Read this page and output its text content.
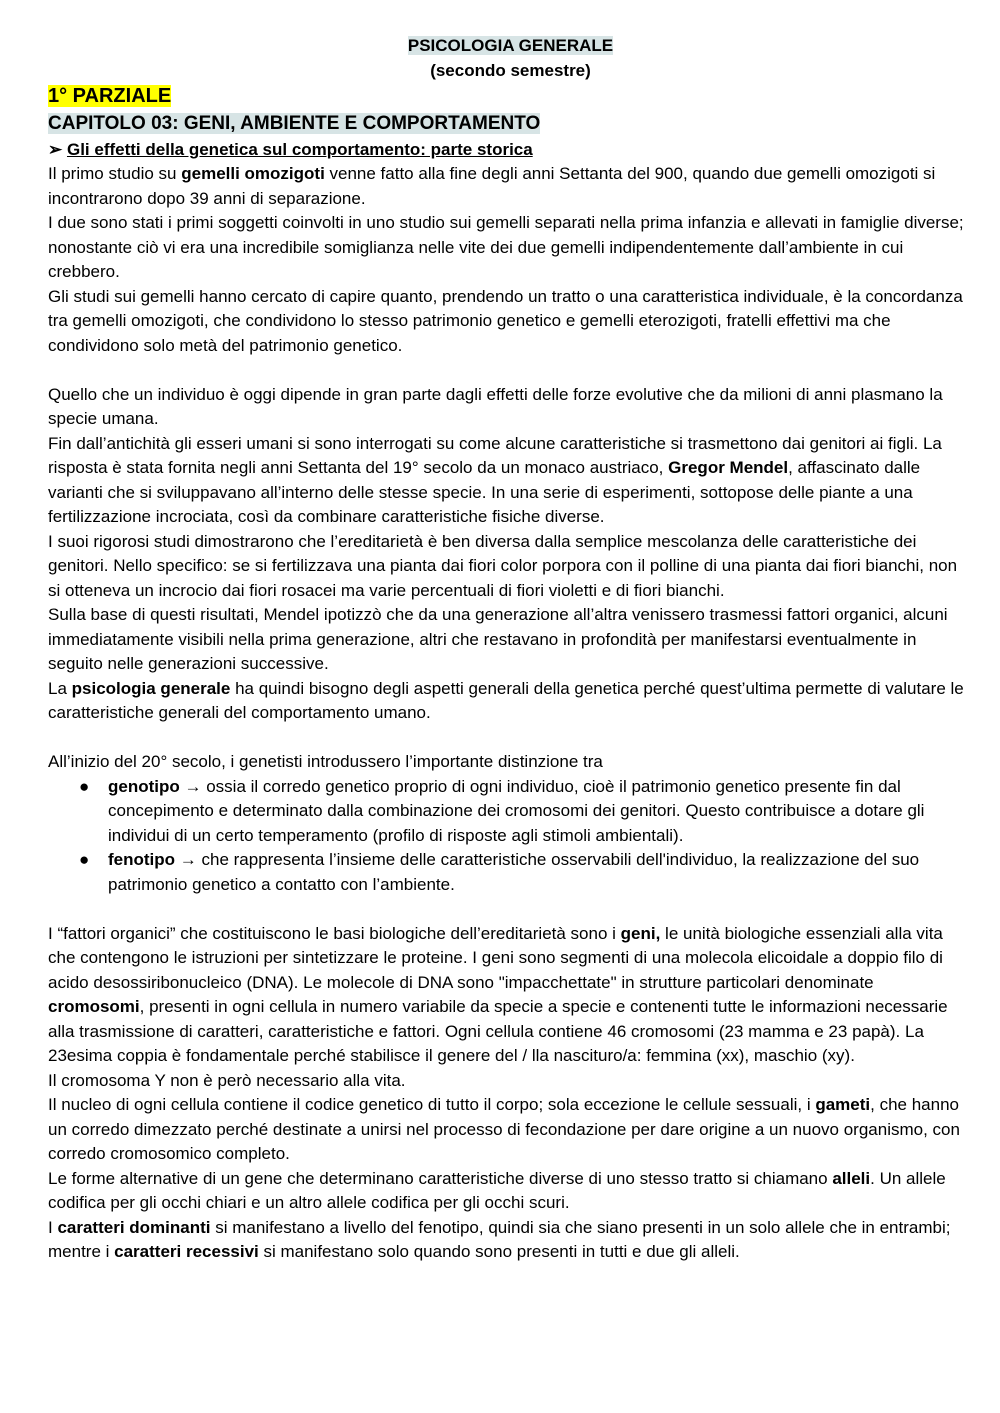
PSICOLOGIA GENERALE
(secondo semestre)
1° PARZIALE
CAPITOLO 03: GENI, AMBIENTE E COMPORTAMENTO
➢ Gli effetti della genetica sul comportamento: parte storica

Il primo studio su gemelli omozigoti venne fatto alla fine degli anni Settanta del 900, quando due gemelli omozigoti si incontrarono dopo 39 anni di separazione.

I due sono stati i primi soggetti coinvolti in uno studio sui gemelli separati nella prima infanzia e allevati in famiglie diverse; nonostante ciò vi era una incredibile somiglianza nelle vite dei due gemelli indipendentemente dall’ambiente in cui crebbero.

Gli studi sui gemelli hanno cercato di capire quanto, prendendo un tratto o una caratteristica individuale, è la concordanza tra gemelli omozigoti, che condividono lo stesso patrimonio genetico e gemelli eterozigoti, fratelli effettivi ma che condividono solo metà del patrimonio genetico.

Quello che un individuo è oggi dipende in gran parte dagli effetti delle forze evolutive che da milioni di anni plasmano la specie umana.

Fin dall’antichità gli esseri umani si sono interrogati su come alcune caratteristiche si trasmettono dai genitori ai figli. La risposta è stata fornita negli anni Settanta del 19° secolo da un monaco austriaco, Gregor Mendel, affascinato dalle varianti che si sviluppavano all’interno delle stesse specie. In una serie di esperimenti, sottopose delle piante a una fertilizzazione incrociata, così da combinare caratteristiche fisiche diverse.

I suoi rigorosi studi dimostrarono che l’ereditarietà è ben diversa dalla semplice mescolanza delle caratteristiche dei genitori. Nello specifico: se si fertilizzava una pianta dai fiori color porpora con il polline di una pianta dai fiori bianchi, non si otteneva un incrocio dai fiori rosacei ma varie percentuali di fiori violetti e di fiori bianchi.

Sulla base di questi risultati, Mendel ipotizzò che da una generazione all’altra venissero trasmessi fattori organici, alcuni immediatamente visibili nella prima generazione, altri che restavano in profondità per manifestarsi eventualmente in seguito nelle generazioni successive.

La psicologia generale ha quindi bisogno degli aspetti generali della genetica perché quest’ultima permette di valutare le caratteristiche generali del comportamento umano.

All’inizio del 20° secolo, i genetisti introdussero l’importante distinzione tra

● genotipo → ossia il corredo genetico proprio di ogni individuo, cioè il patrimonio genetico presente fin dal concepimento e determinato dalla combinazione dei cromosomi dei genitori. Questo contribuisce a dotare gli individui di un certo temperamento (profilo di risposte agli stimoli ambientali).
● fenotipo → che rappresenta l’insieme delle caratteristiche osservabili dell'individuo, la realizzazione del suo patrimonio genetico a contatto con l’ambiente.

I “fattori organici” che costituiscono le basi biologiche dell’ereditarietà sono i geni, le unità biologiche essenziali alla vita che contengono le istruzioni per sintetizzare le proteine. I geni sono segmenti di una molecola elicoidale a doppio filo di acido desossiribonucleico (DNA). Le molecole di DNA sono "impacchettate" in strutture particolari denominate cromosomi, presenti in ogni cellula in numero variabile da specie a specie e contenenti tutte le informazioni necessarie alla trasmissione di caratteri, caratteristiche e fattori. Ogni cellula contiene 46 cromosomi (23 mamma e 23 papà). La 23esima coppia è fondamentale perché stabilisce il genere del / lla nascituro/a: femmina (xx), maschio (xy).

Il cromosoma Y non è però necessario alla vita.

Il nucleo di ogni cellula contiene il codice genetico di tutto il corpo; sola eccezione le cellule sessuali, i gameti, che hanno un corredo dimezzato perché destinate a unirsi nel processo di fecondazione per dare origine a un nuovo organismo, con corredo cromosomico completo.

Le forme alternative di un gene che determinano caratteristiche diverse di uno stesso tratto si chiamano alleli. Un allele codifica per gli occhi chiari e un altro allele codifica per gli occhi scuri.

I caratteri dominanti si manifestano a livello del fenotipo, quindi sia che siano presenti in un solo allele che in entrambi; mentre i caratteri recessivi si manifestano solo quando sono presenti in tutti e due gli alleli.
